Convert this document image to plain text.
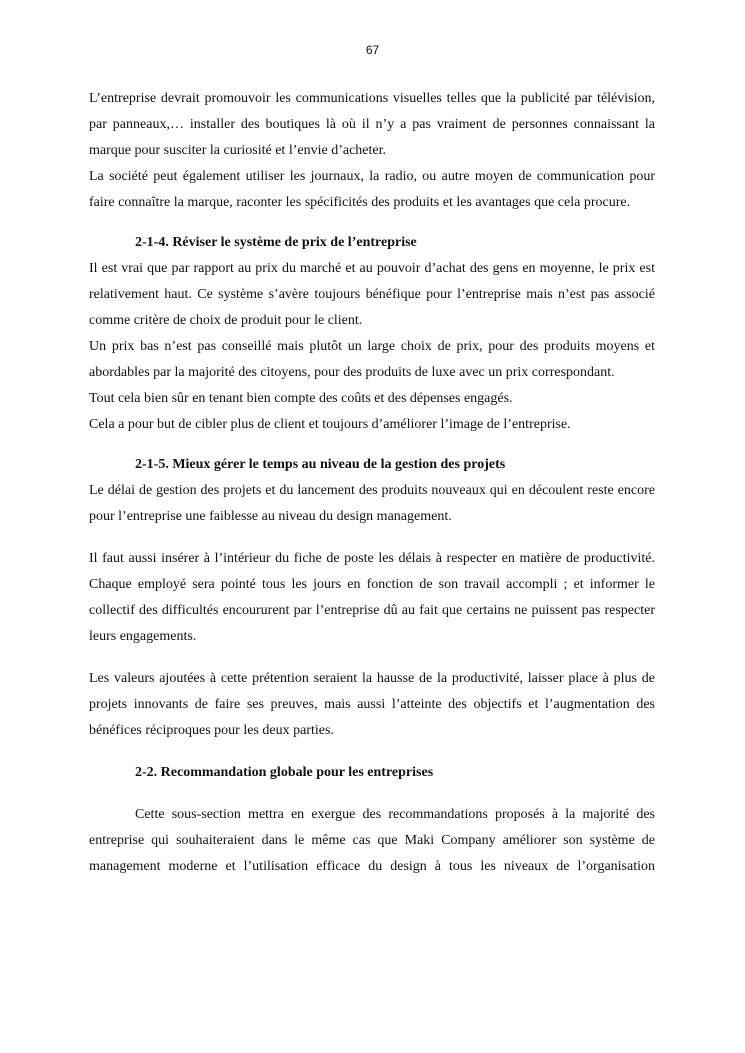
67

L’entreprise devrait promouvoir les communications visuelles telles que la publicité par télévision, par panneaux,… installer des boutiques là où il n’y a pas vraiment de personnes connaissant la marque pour susciter la curiosité et l’envie d’acheter.

La société peut également utiliser les journaux, la radio, ou autre moyen de communication pour faire connaître la marque, raconter les spécificités des produits et les avantages que cela procure.

2-1-4. Réviser le système de prix de l’entreprise

Il est vrai que par rapport au prix du marché et au pouvoir d’achat des gens en moyenne, le prix est relativement haut. Ce système s’avère toujours bénéfique pour l’entreprise mais n’est pas associé comme critère de choix de produit pour le client.

Un prix bas n’est pas conseillé mais plutôt un large choix de prix, pour des produits moyens et abordables par la majorité des citoyens, pour des produits de luxe avec un prix correspondant.

Tout cela bien sûr en tenant bien compte des coûts et des dépenses engagés.

Cela a pour but de cibler plus de client et toujours d’améliorer l’image de l’entreprise.

2-1-5. Mieux gérer le temps au niveau de la gestion des projets

Le délai de gestion des projets et du lancement des produits nouveaux qui en découlent reste encore pour l’entreprise une faiblesse au niveau du design management.

Il faut aussi insérer à l’intérieur du fiche de poste les délais à respecter en matière de productivité. Chaque employé sera pointé tous les jours en fonction de son travail accompli ; et informer le collectif des difficultés encoururent par l’entreprise dû au fait que certains ne puissent pas respecter leurs engagements.

Les valeurs ajoutées à cette prétention seraient la hausse de la productivité, laisser place à plus de projets innovants de faire ses preuves, mais aussi l’atteinte des objectifs et l’augmentation des bénéfices réciproques pour les deux parties.

2-2. Recommandation globale pour les entreprises

Cette sous-section mettra en exergue des recommandations proposés à la majorité des entreprise qui souhaiteraient dans le même cas que Maki Company améliorer son système de management moderne et l’utilisation efficace du design à tous les niveaux de l’organisation
